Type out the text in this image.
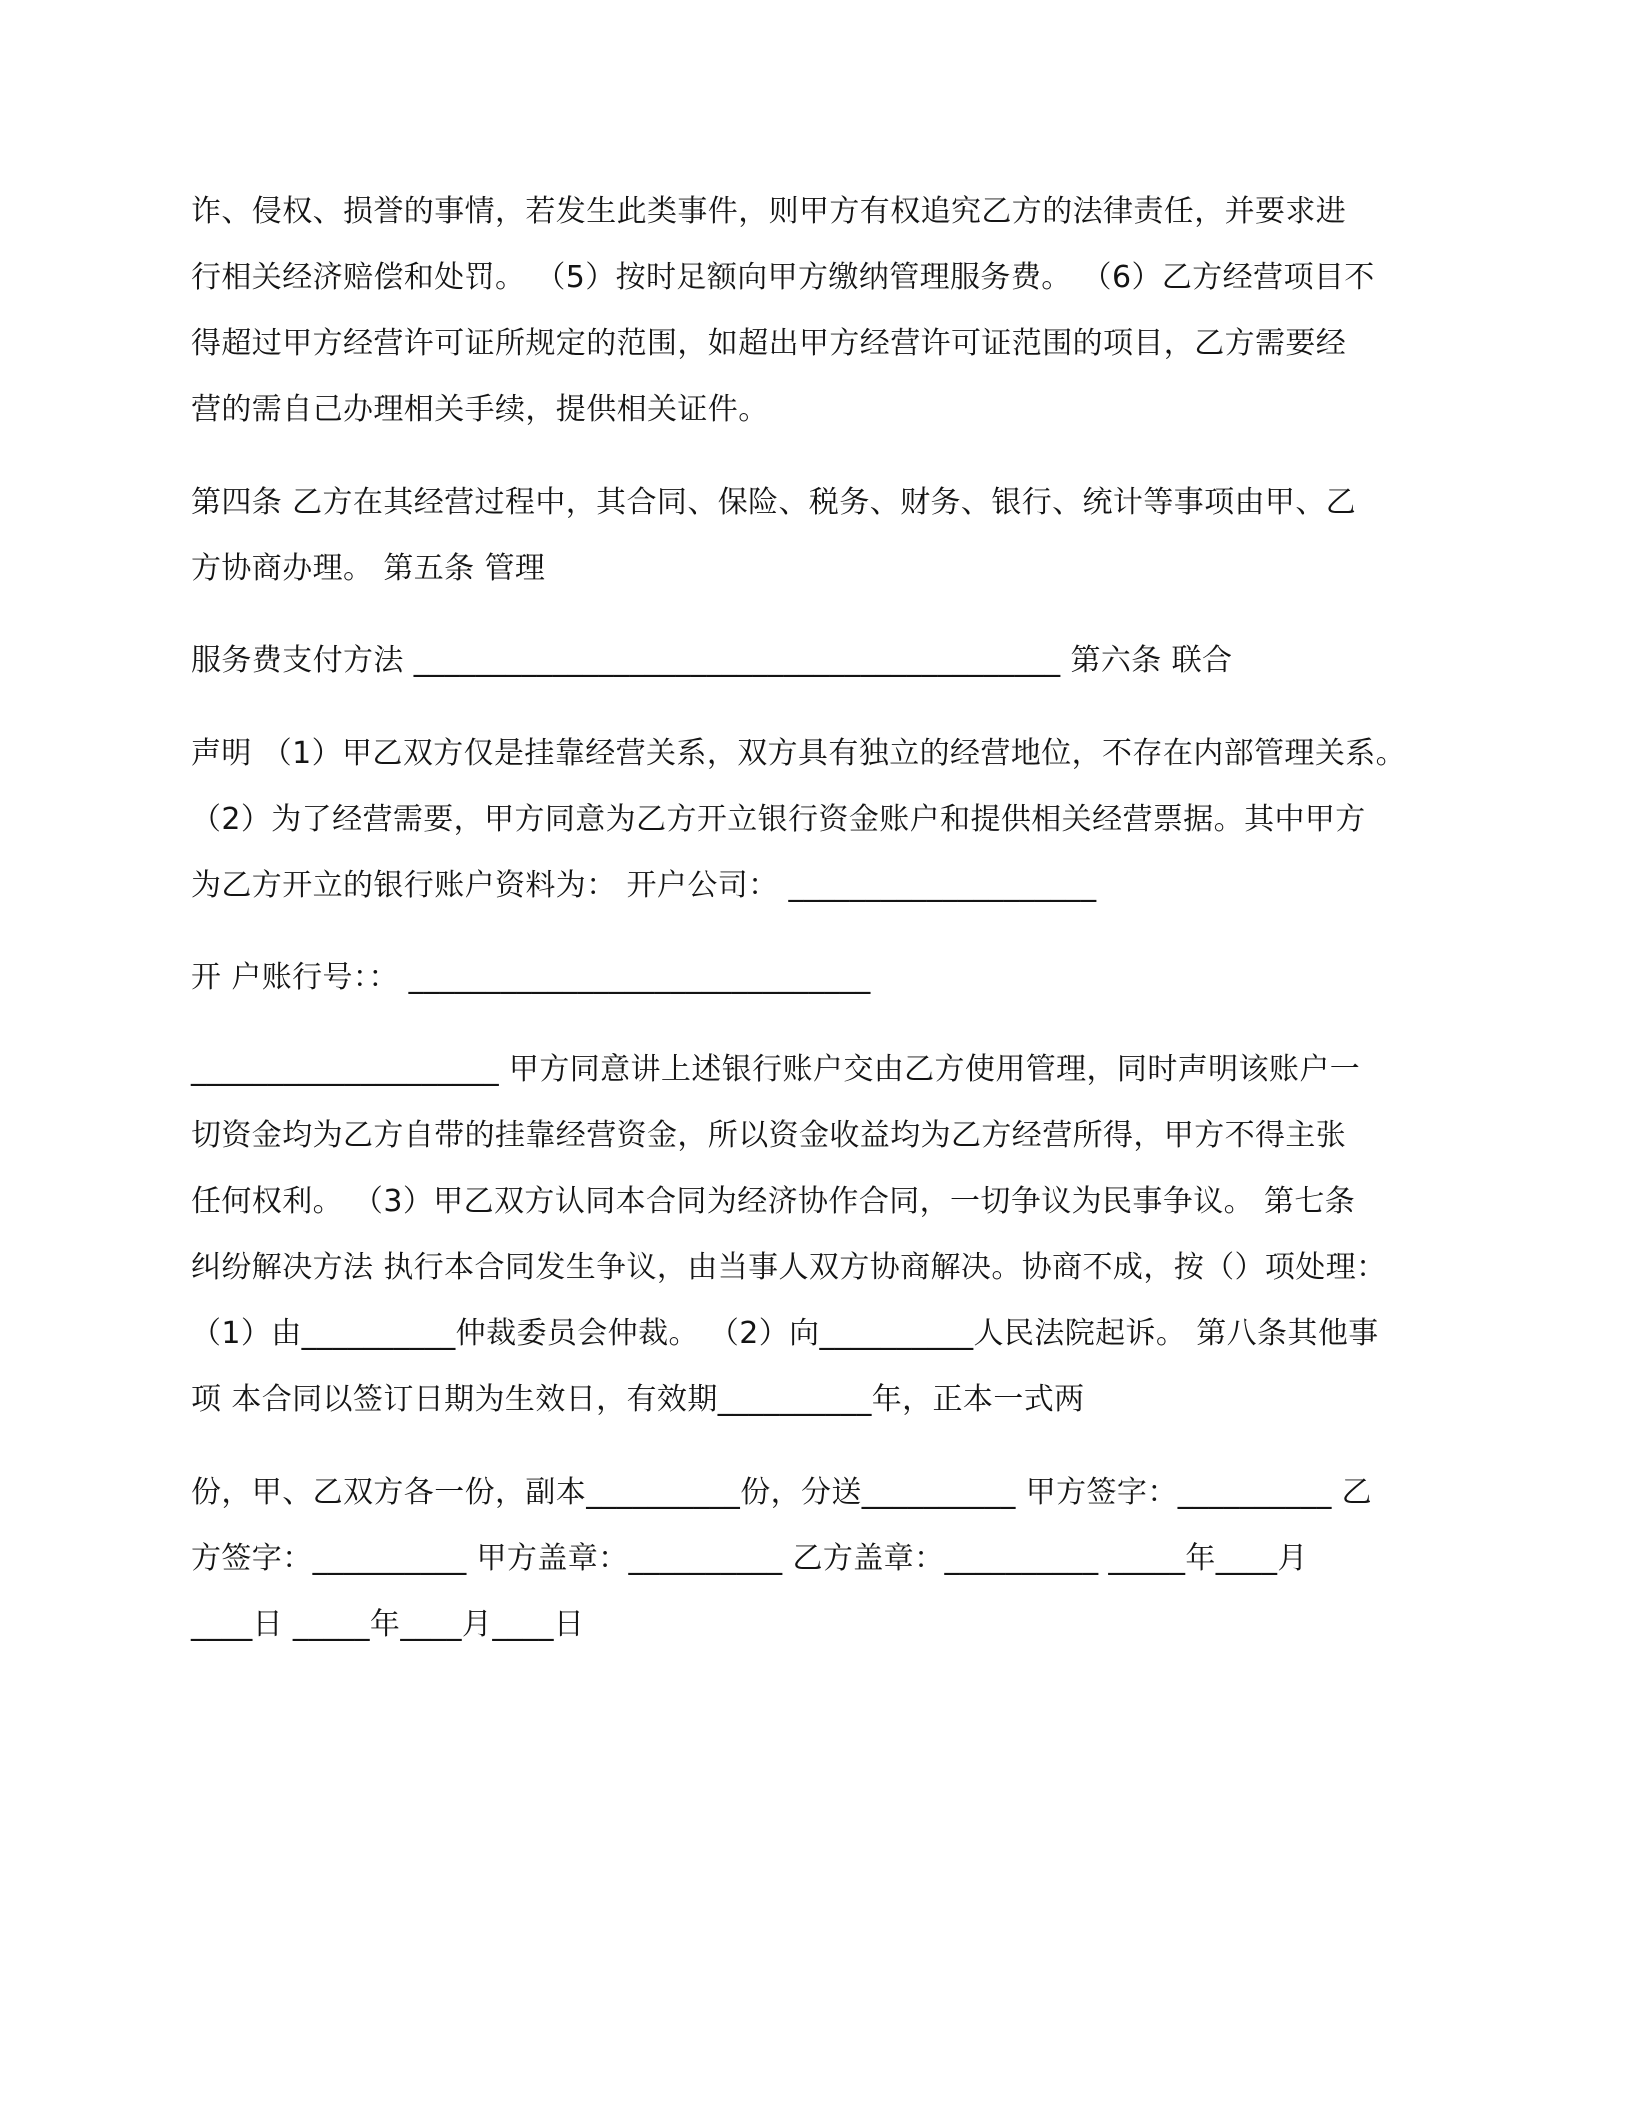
诈、侵权、损誉的事情，若发生此类事件，则甲方有权追究乙方的法律责任，并要求进
行相关经济赔偿和处罚。 （5）按时足额向甲方缴纳管理服务费。 （6）乙方经营项目不
得超过甲方经营许可证所规定的范围，如超出甲方经营许可证范围的项目，乙方需要经
营的需自己办理相关手续，提供相关证件。
第四条 乙方在其经营过程中，其合同、保险、税务、财务、银行、统计等事项由甲、乙
方协商办理。 第五条 管理
服务费支付方法 __________________________________________ 第六条 联合
声明 （1）甲乙双方仅是挂靠经营关系，双方具有独立的经营地位，不存在内部管理关系。
（2）为了经营需要，甲方同意为乙方开立银行资金账户和提供相关经营票据。其中甲方
为乙方开立的银行账户资料为： 开户公司： ____________________
开 户账行号：： ______________________________
____________________ 甲方同意讲上述银行账户交由乙方使用管理，同时声明该账户一
切资金均为乙方自带的挂靠经营资金，所以资金收益均为乙方经营所得，甲方不得主张
任何权利。 （3）甲乙双方认同本合同为经济协作合同，一切争议为民事争议。 第七条
纠纷解决方法 执行本合同发生争议，由当事人双方协商解决。协商不成，按（）项处理：
（1）由__________仲裁委员会仲裁。 （2）向__________人民法院起诉。 第八条其他事
项 本合同以签订日期为生效日，有效期__________年，正本一式两
份，甲、乙双方各一份，副本__________份，分送__________ 甲方签字：__________ 乙
方签字：__________ 甲方盖章：__________ 乙方盖章：__________ _____年____月
____日 _____年____月____日
